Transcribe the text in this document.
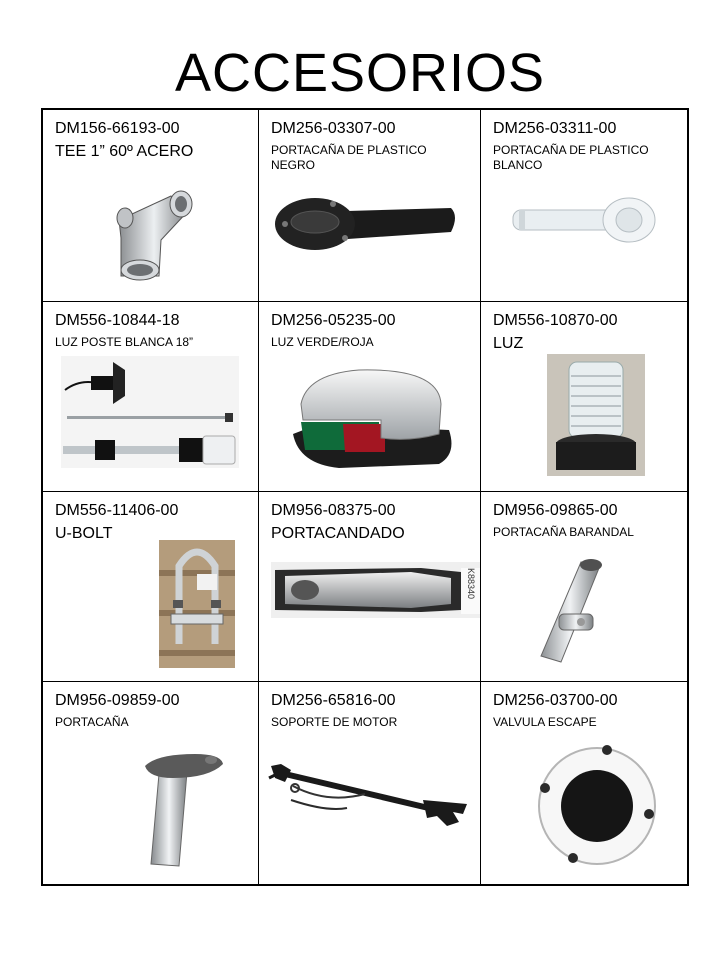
ACCESORIOS
DM156-66193-00
TEE 1” 60º ACERO
DM256-03307-00
PORTACAÑA DE PLASTICO NEGRO
DM256-03311-00
PORTACAÑA DE PLASTICO BLANCO
DM556-10844-18
LUZ POSTE BLANCA 18”
DM256-05235-00
LUZ VERDE/ROJA
DM556-10870-00
LUZ
DM556-11406-00
U-BOLT
DM956-08375-00
PORTACANDADO
K88340
DM956-09865-00
PORTACAÑA BARANDAL
DM956-09859-00
PORTACAÑA
DM256-65816-00
SOPORTE DE MOTOR
DM256-03700-00
VALVULA ESCAPE
